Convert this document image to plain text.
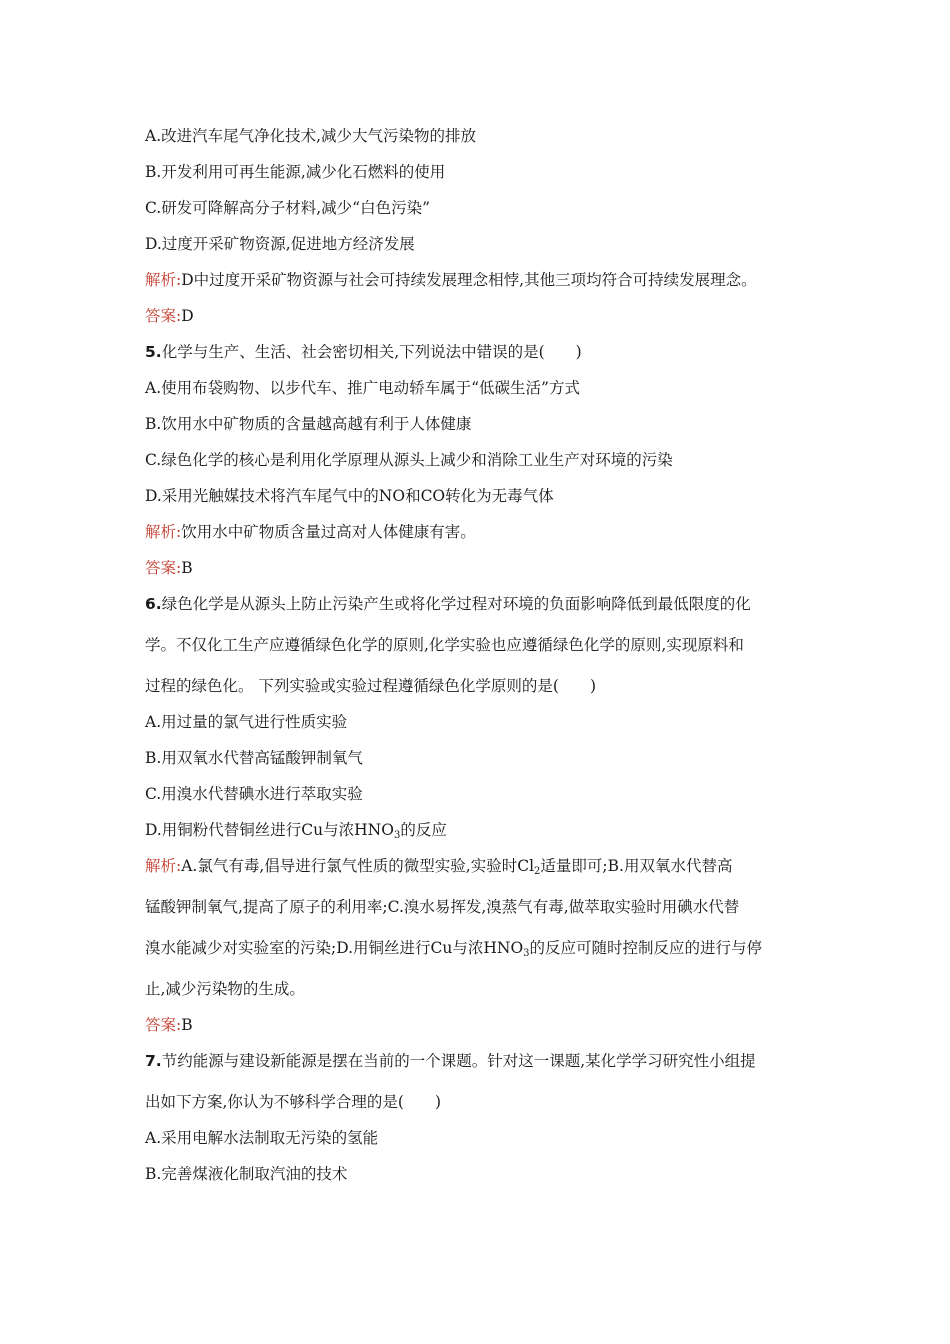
A.改进汽车尾气净化技术,减少大气污染物的排放
B.开发利用可再生能源,减少化石燃料的使用
C.研发可降解高分子材料,减少“白色污染”
D.过度开采矿物资源,促进地方经济发展
解析:D中过度开采矿物资源与社会可持续发展理念相悖,其他三项均符合可持续发展理念。
答案:D
5.化学与生产、生活、社会密切相关,下列说法中错误的是(　　)
A.使用布袋购物、以步代车、推广电动轿车属于“低碳生活”方式
B.饮用水中矿物质的含量越高越有利于人体健康
C.绿色化学的核心是利用化学原理从源头上减少和消除工业生产对环境的污染
D.采用光触媒技术将汽车尾气中的NO和CO转化为无毒气体
解析:饮用水中矿物质含量过高对人体健康有害。
答案:B
6.绿色化学是从源头上防止污染产生或将化学过程对环境的负面影响降低到最低限度的化
学。不仅化工生产应遵循绿色化学的原则,化学实验也应遵循绿色化学的原则,实现原料和
过程的绿色化。 下列实验或实验过程遵循绿色化学原则的是(　　)
A.用过量的氯气进行性质实验
B.用双氧水代替高锰酸钾制氧气
C.用溴水代替碘水进行萃取实验
D.用铜粉代替铜丝进行Cu与浓$HNO_3$的反应
解析:A.氯气有毒,倡导进行氯气性质的微型实验,实验时$Cl_2$适量即可;B.用双氧水代替高
锰酸钾制氧气,提高了原子的利用率;C.溴水易挥发,溴蒸气有毒,做萃取实验时用碘水代替
溴水能减少对实验室的污染;D.用铜丝进行Cu与浓$HNO_3$的反应可随时控制反应的进行与停
止,减少污染物的生成。
答案:B
7.节约能源与建设新能源是摆在当前的一个课题。针对这一课题,某化学学习研究性小组提
出如下方案,你认为不够科学合理的是(　　)
A.采用电解水法制取无污染的氢能
B.完善煤液化制取汽油的技术
